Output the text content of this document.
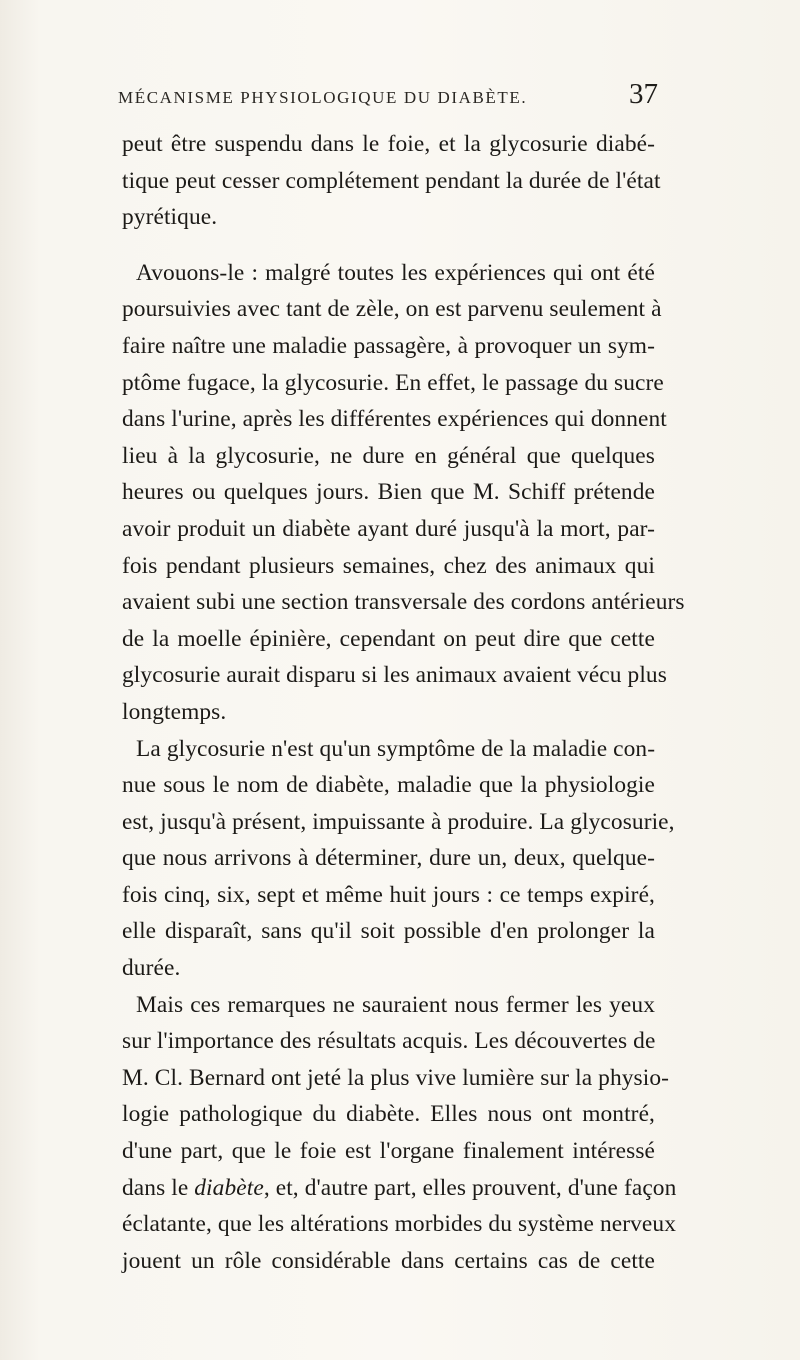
MÉCANISME PHYSIOLOGIQUE DU DIABÈTE.	37
peut être suspendu dans le foie, et la glycosurie diabé-
tique peut cesser complétement pendant la durée de l'état
pyrétique.
Avouons-le : malgré toutes les expériences qui ont été
poursuivies avec tant de zèle, on est parvenu seulement à
faire naître une maladie passagère, à provoquer un sym-
ptôme fugace, la glycosurie. En effet, le passage du sucre
dans l'urine, après les différentes expériences qui donnent
lieu à la glycosurie, ne dure en général que quelques
heures ou quelques jours. Bien que M. Schiff prétende
avoir produit un diabète ayant duré jusqu'à la mort, par-
fois pendant plusieurs semaines, chez des animaux qui
avaient subi une section transversale des cordons antérieurs
de la moelle épinière, cependant on peut dire que cette
glycosurie aurait disparu si les animaux avaient vécu plus
longtemps.
La glycosurie n'est qu'un symptôme de la maladie con-
nue sous le nom de diabète, maladie que la physiologie
est, jusqu'à présent, impuissante à produire. La glycosurie,
que nous arrivons à déterminer, dure un, deux, quelque-
fois cinq, six, sept et même huit jours : ce temps expiré,
elle disparaît, sans qu'il soit possible d'en prolonger la
durée.
Mais ces remarques ne sauraient nous fermer les yeux
sur l'importance des résultats acquis. Les découvertes de
M. Cl. Bernard ont jeté la plus vive lumière sur la physio-
logie pathologique du diabète. Elles nous ont montré,
d'une part, que le foie est l'organe finalement intéressé
dans le diabète, et, d'autre part, elles prouvent, d'une façon
éclatante, que les altérations morbides du système nerveux
jouent un rôle considérable dans certains cas de cette
